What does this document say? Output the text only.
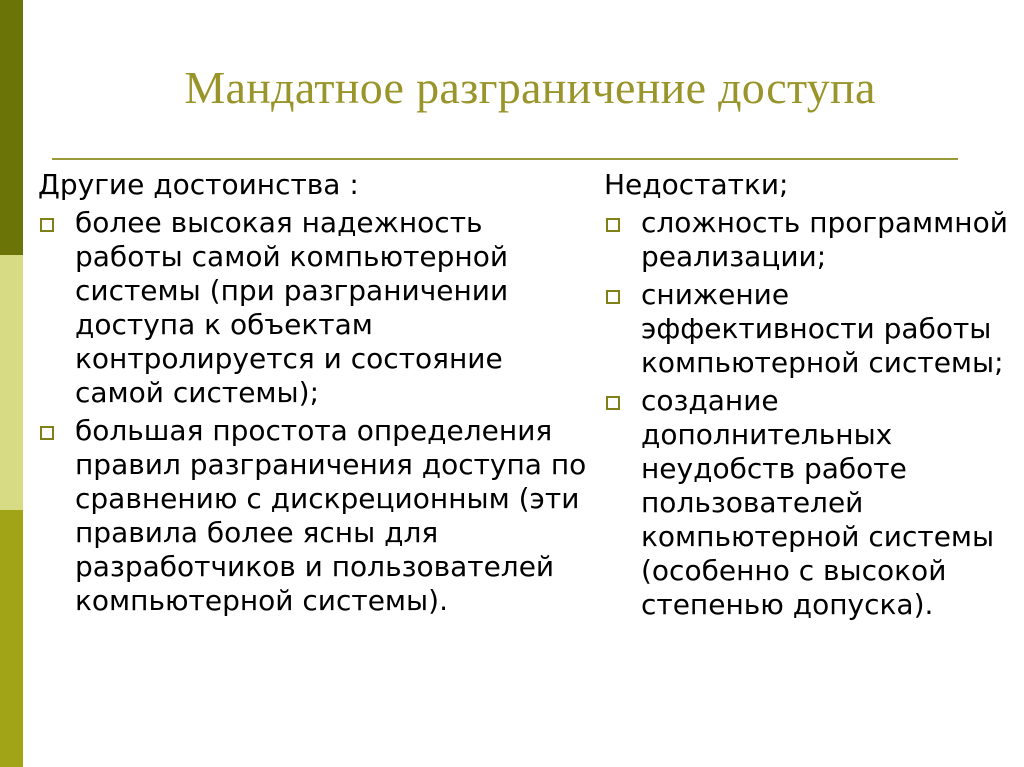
Мандатное разграничение доступа
Другие достоинства :
более высокая надежность работы самой компьютерной системы (при разграничении доступа к объектам контролируется и состояние самой системы);
большая простота определения правил разграничения доступа по сравнению с дискреционным (эти правила более ясны для разработчиков и пользователей компьютерной системы).
Недостатки;
сложность программной реализации;
снижение эффективности работы компьютерной системы;
создание дополнительных неудобств работе пользователей компьютерной системы (особенно с высокой степенью допуска).
